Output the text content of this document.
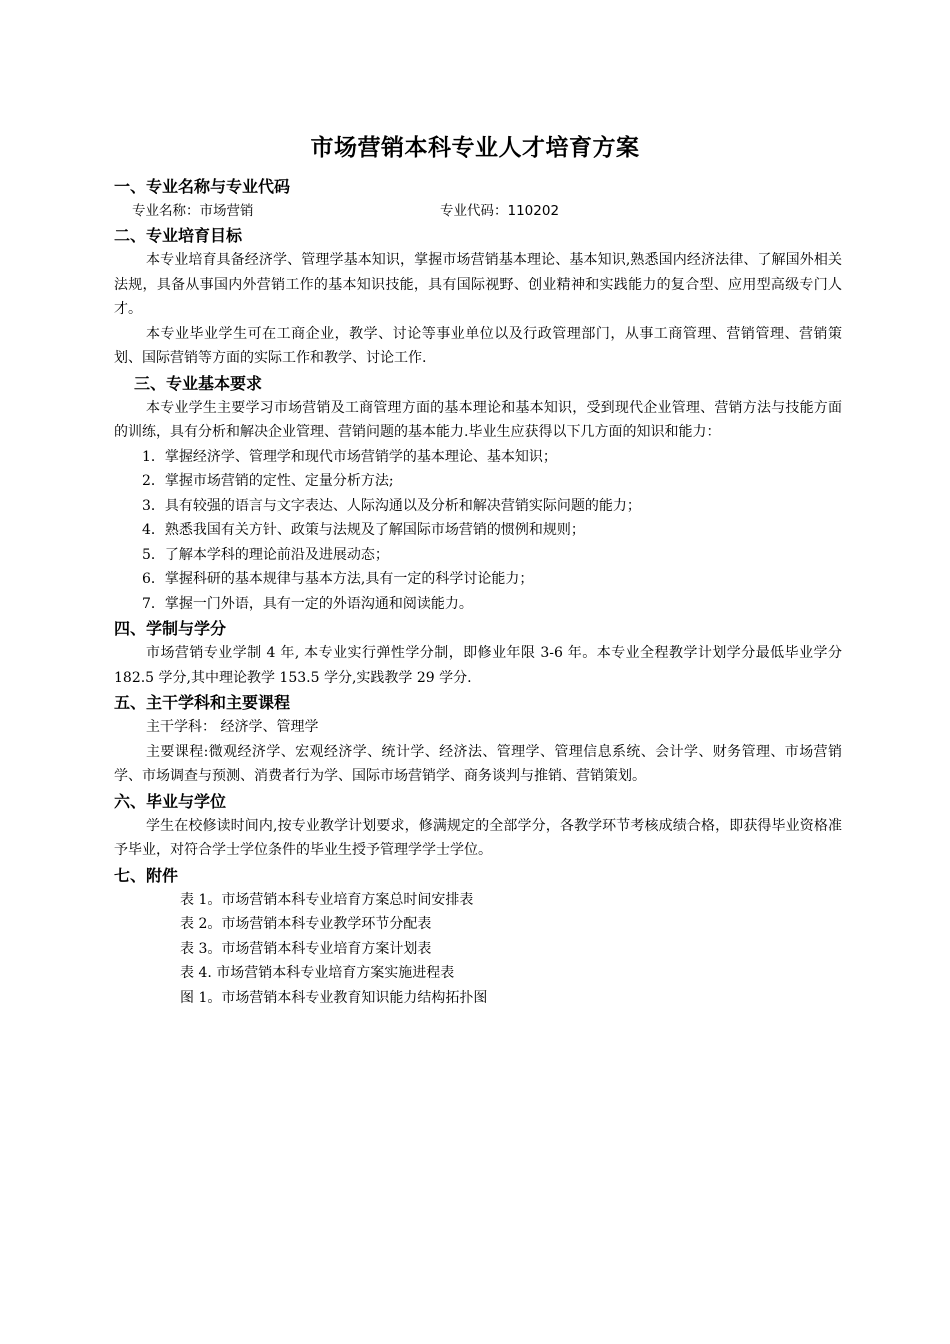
市场营销本科专业人才培育方案
一、专业名称与专业代码
专业名称：市场营销	专业代码：110202
二、专业培育目标

本专业培育具备经济学、管理学基本知识，掌握市场营销基本理论、基本知识,熟悉国内经济法律、了解国外相关法规，具备从事国内外营销工作的基本知识技能，具有国际视野、创业精神和实践能力的复合型、应用型高级专门人才。

本专业毕业学生可在工商企业，教学、讨论等事业单位以及行政管理部门，从事工商管理、营销管理、营销策划、国际营销等方面的实际工作和教学、讨论工作.

三、专业基本要求

本专业学生主要学习市场营销及工商管理方面的基本理论和基本知识，受到现代企业管理、营销方法与技能方面的训练，具有分析和解决企业管理、营销问题的基本能力.毕业生应获得以下几方面的知识和能力：

1．掌握经济学、管理学和现代市场营销学的基本理论、基本知识；

2．掌握市场营销的定性、定量分析方法;

3．具有较强的语言与文字表达、人际沟通以及分析和解决营销实际问题的能力；

4．熟悉我国有关方针、政策与法规及了解国际市场营销的惯例和规则；

5．了解本学科的理论前沿及进展动态；

6．掌握科研的基本规律与基本方法,具有一定的科学讨论能力；

7．掌握一门外语，具有一定的外语沟通和阅读能力。

四、学制与学分

市场营销专业学制 4 年, 本专业实行弹性学分制，即修业年限 3-6 年。本专业全程教学计划学分最低毕业学分 182.5 学分,其中理论教学 153.5 学分,实践教学 29 学分.

五、主干学科和主要课程

主干学科： 经济学、管理学

主要课程:微观经济学、宏观经济学、统计学、经济法、管理学、管理信息系统、会计学、财务管理、市场营销学、市场调查与预测、消费者行为学、国际市场营销学、商务谈判与推销、营销策划。

六、毕业与学位

学生在校修读时间内,按专业教学计划要求，修满规定的全部学分，各教学环节考核成绩合格，即获得毕业资格准予毕业，对符合学士学位条件的毕业生授予管理学学士学位。

七、附件

表 1。市场营销本科专业培育方案总时间安排表

表 2。市场营销本科专业教学环节分配表

表 3。市场营销本科专业培育方案计划表

表 4. 市场营销本科专业培育方案实施进程表

图 1。市场营销本科专业教育知识能力结构拓扑图
